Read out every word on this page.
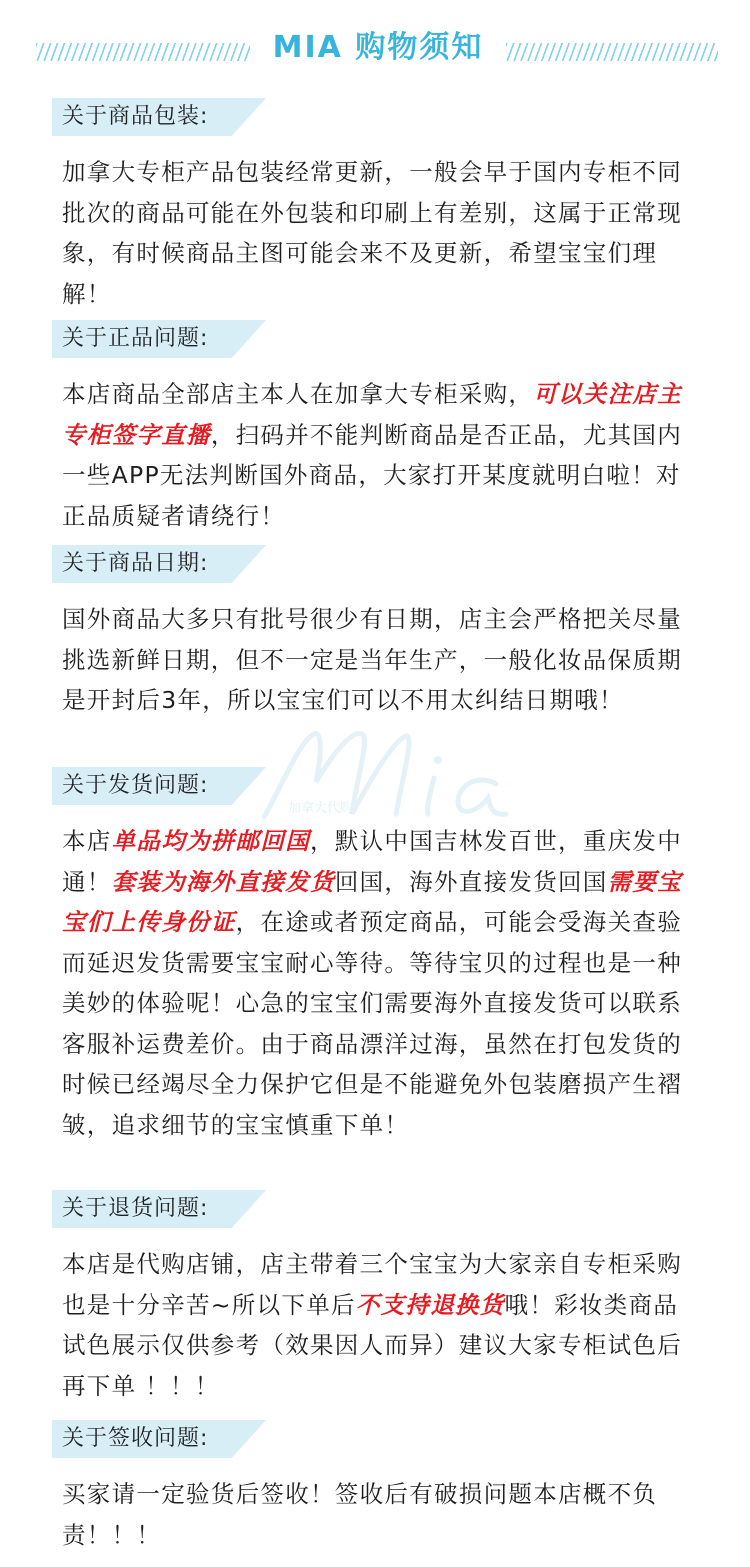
MIA 购物须知
加拿大代购
关于商品包装:
加拿大专柜产品包装经常更新，一般会早于国内专柜不同批次的商品可能在外包装和印刷上有差别，这属于正常现象，有时候商品主图可能会来不及更新，希望宝宝们理解！
关于正品问题:
本店商品全部店主本人在加拿大专柜采购，可以关注店主专柜签字直播，扫码并不能判断商品是否正品，尤其国内一些APP无法判断国外商品，大家打开某度就明白啦！对正品质疑者请绕行！
关于商品日期:
国外商品大多只有批号很少有日期，店主会严格把关尽量挑选新鲜日期，但不一定是当年生产，一般化妆品保质期是开封后3年，所以宝宝们可以不用太纠结日期哦！
关于发货问题:
本店单品均为拼邮回国，默认中国吉林发百世，重庆发中通！套装为海外直接发货回国，海外直接发货回国需要宝宝们上传身份证，在途或者预定商品，可能会受海关查验而延迟发货需要宝宝耐心等待。等待宝贝的过程也是一种美妙的体验呢！心急的宝宝们需要海外直接发货可以联系客服补运费差价。由于商品漂洋过海，虽然在打包发货的时候已经竭尽全力保护它但是不能避免外包装磨损产生褶皱，追求细节的宝宝慎重下单！
关于退货问题:
本店是代购店铺，店主带着三个宝宝为大家亲自专柜采购也是十分辛苦~所以下单后不支持退换货哦！彩妆类商品试色展示仅供参考（效果因人而异）建议大家专柜试色后再下单 ！！！
关于签收问题:
买家请一定验货后签收！签收后有破损问题本店概不负责！！！
